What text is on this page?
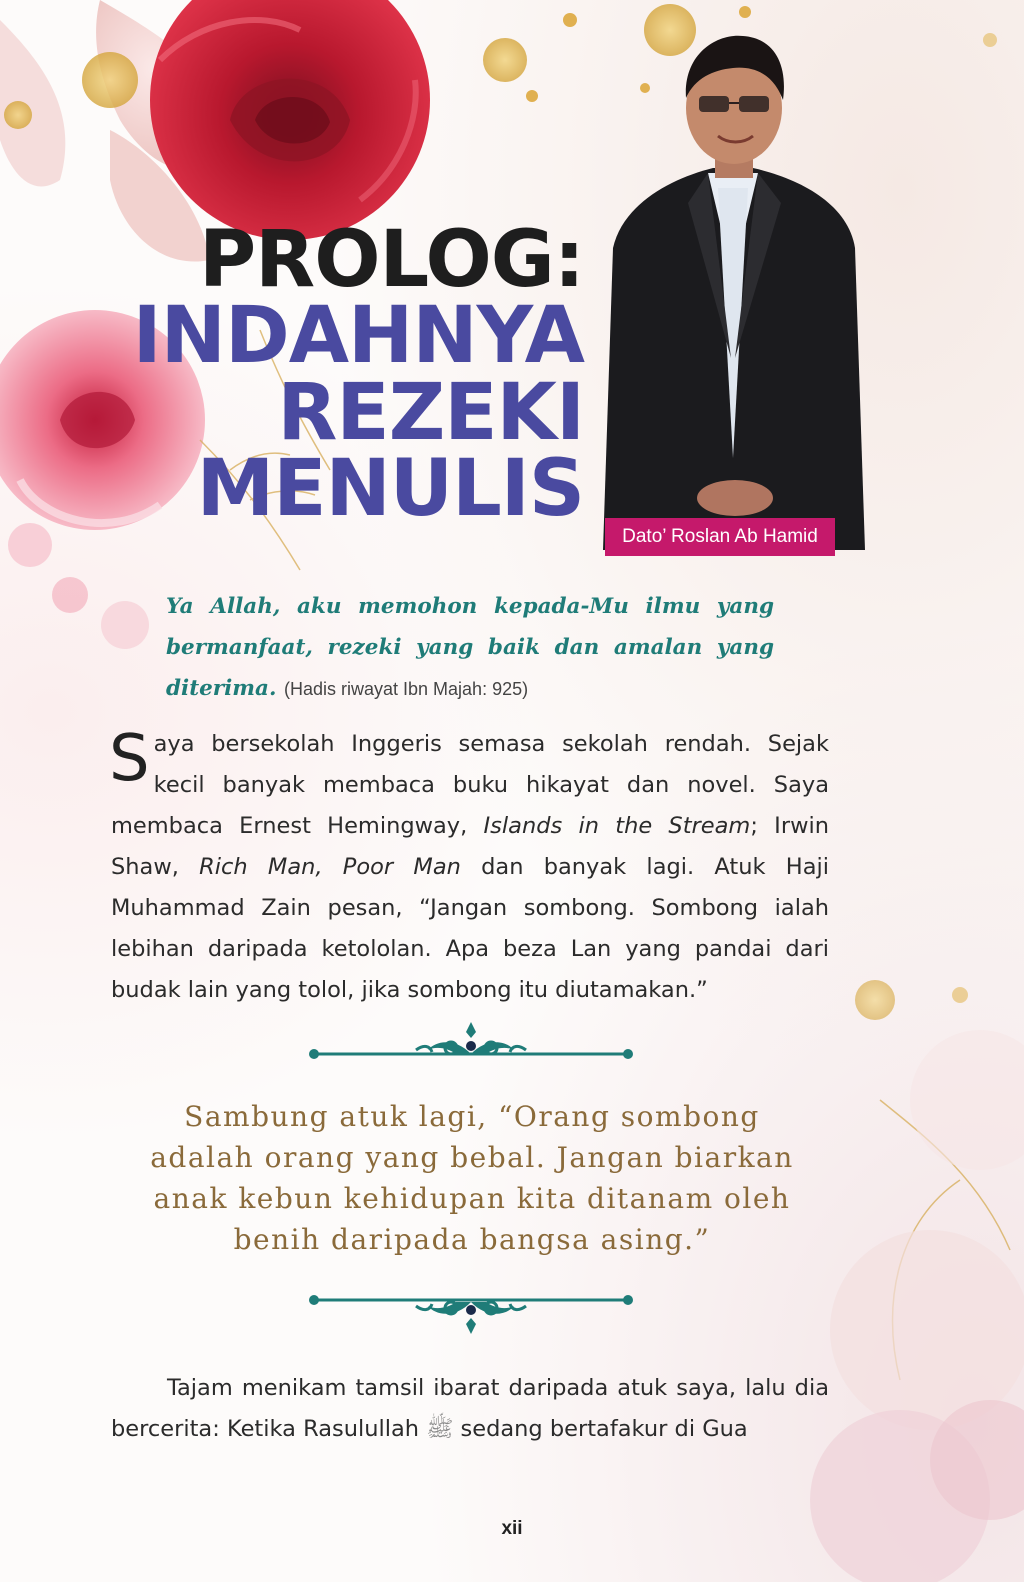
PROLOG:
INDAHNYA
REZEKI
MENULIS
Dato’ Roslan Ab Hamid
Ya Allah, aku memohon kepada-Mu ilmu yang bermanfaat, rezeki yang baik dan amalan yang diterima. (Hadis riwayat Ibn Majah: 925)
Saya bersekolah Inggeris semasa sekolah rendah. Sejak kecil banyak membaca buku hikayat dan novel. Saya membaca Ernest Hemingway, Islands in the Stream; Irwin Shaw, Rich Man, Poor Man dan banyak lagi. Atuk Haji Muhammad Zain pesan, “Jangan sombong. Sombong ialah lebihan daripada ketololan. Apa beza Lan yang pandai dari budak lain yang tolol, jika sombong itu diutamakan.”
Sambung atuk lagi, “Orang sombong adalah orang yang bebal. Jangan biarkan anak kebun kehidupan kita ditanam oleh benih daripada bangsa asing.”
Tajam menikam tamsil ibarat daripada atuk saya, lalu dia bercerita: Ketika Rasulullah ﷺ sedang bertafakur di Gua
xii
